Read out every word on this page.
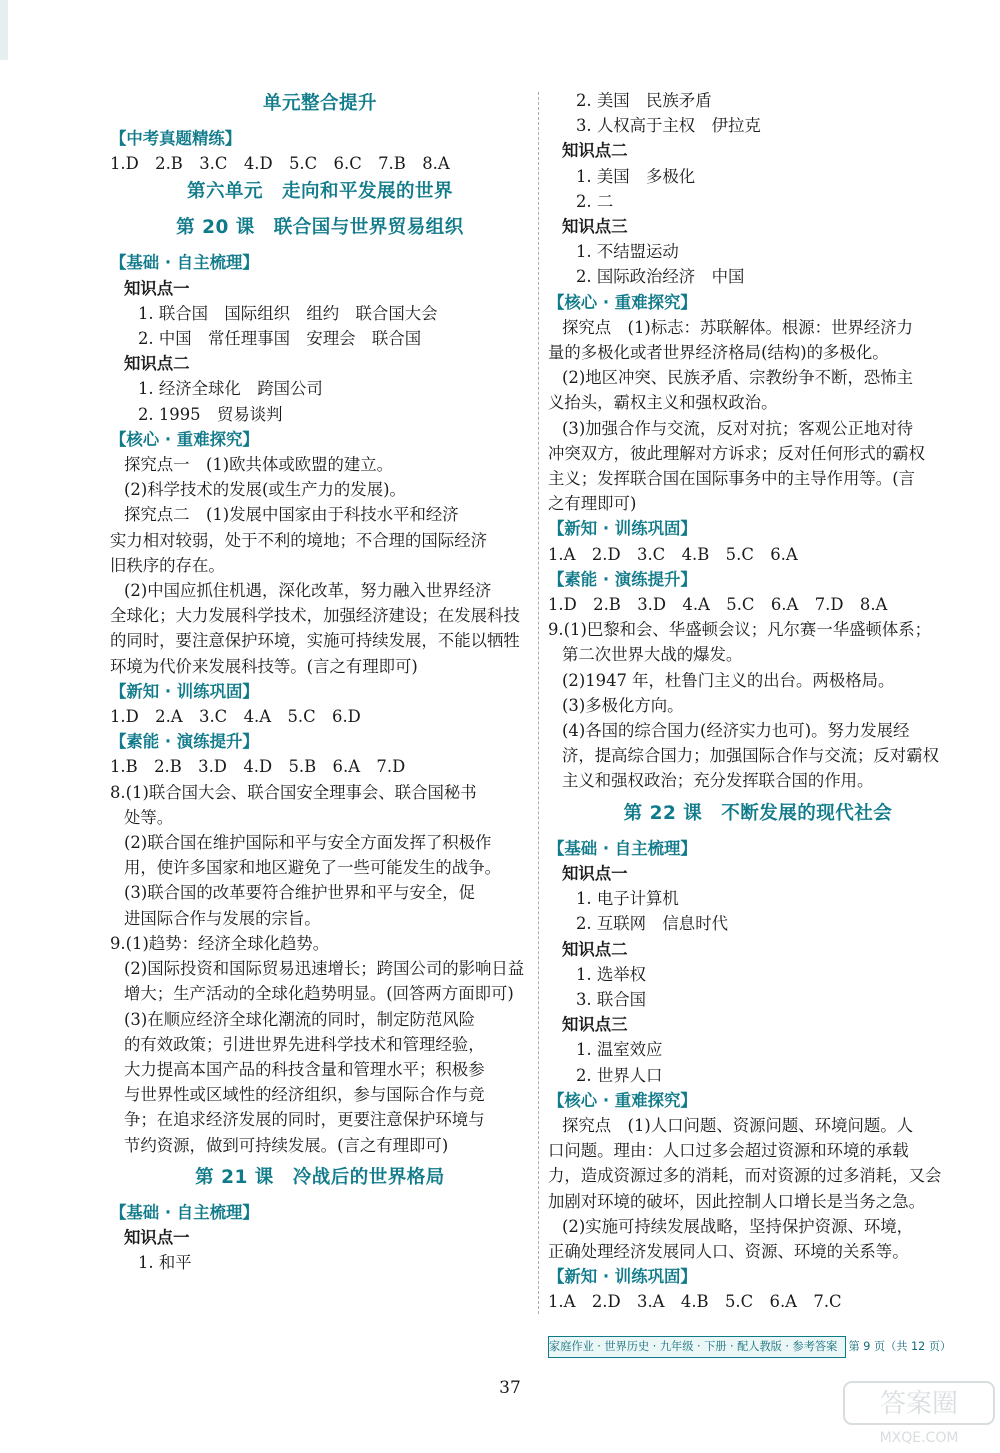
单元整合提升
【中考真题精练】
1.D　2.B　3.C　4.D　5.C　6.C　7.B　8.A
第六单元　走向和平发展的世界
第 20 课　联合国与世界贸易组织
【基础 · 自主梳理】
知识点一
1. 联合国　国际组织　组约　联合国大会
2. 中国　常任理事国　安理会　联合国
知识点二
1. 经济全球化　跨国公司
2. 1995　贸易谈判
【核心 · 重难探究】
探究点一　(1)欧共体或欧盟的建立。
(2)科学技术的发展(或生产力的发展)。
探究点二　(1)发展中国家由于科技水平和经济
实力相对较弱，处于不利的境地；不合理的国际经济
旧秩序的存在。
(2)中国应抓住机遇，深化改革，努力融入世界经济
全球化；大力发展科学技术，加强经济建设；在发展科技
的同时，要注意保护环境，实施可持续发展，不能以牺牲
环境为代价来发展科技等。(言之有理即可)
【新知 · 训练巩固】
1.D　2.A　3.C　4.A　5.C　6.D
【素能 · 演练提升】
1.B　2.B　3.D　4.D　5.B　6.A　7.D
8.(1)联合国大会、联合国安全理事会、联合国秘书
处等。
(2)联合国在维护国际和平与安全方面发挥了积极作
用，使许多国家和地区避免了一些可能发生的战争。
(3)联合国的改革要符合维护世界和平与安全，促
进国际合作与发展的宗旨。
9.(1)趋势：经济全球化趋势。
(2)国际投资和国际贸易迅速增长；跨国公司的影响日益
增大；生产活动的全球化趋势明显。(回答两方面即可)
(3)在顺应经济全球化潮流的同时，制定防范风险
的有效政策；引进世界先进科学技术和管理经验，
大力提高本国产品的科技含量和管理水平；积极参
与世界性或区域性的经济组织，参与国际合作与竞
争；在追求经济发展的同时，更要注意保护环境与
节约资源，做到可持续发展。(言之有理即可)
第 21 课　冷战后的世界格局
【基础 · 自主梳理】
知识点一
1. 和平
2. 美国　民族矛盾
3. 人权高于主权　伊拉克
知识点二
1. 美国　多极化
2. 二
知识点三
1. 不结盟运动
2. 国际政治经济　中国
【核心 · 重难探究】
探究点　(1)标志：苏联解体。根源：世界经济力
量的多极化或者世界经济格局(结构)的多极化。
(2)地区冲突、民族矛盾、宗教纷争不断，恐怖主
义抬头，霸权主义和强权政治。
(3)加强合作与交流，反对对抗；客观公正地对待
冲突双方，彼此理解对方诉求；反对任何形式的霸权
主义；发挥联合国在国际事务中的主导作用等。(言
之有理即可)
【新知 · 训练巩固】
1.A　2.D　3.C　4.B　5.C　6.A
【素能 · 演练提升】
1.D　2.B　3.D　4.A　5.C　6.A　7.D　8.A
9.(1)巴黎和会、华盛顿会议；凡尔赛一华盛顿体系；
第二次世界大战的爆发。
(2)1947 年，杜鲁门主义的出台。两极格局。
(3)多极化方向。
(4)各国的综合国力(经济实力也可)。努力发展经
济，提高综合国力；加强国际合作与交流；反对霸权
主义和强权政治；充分发挥联合国的作用。
第 22 课　不断发展的现代社会
【基础 · 自主梳理】
知识点一
1. 电子计算机
2. 互联网　信息时代
知识点二
1. 选举权
3. 联合国
知识点三
1. 温室效应
2. 世界人口
【核心 · 重难探究】
探究点　(1)人口问题、资源问题、环境问题。人
口问题。理由：人口过多会超过资源和环境的承载
力，造成资源过多的消耗，而对资源的过多消耗，又会
加剧对环境的破坏，因此控制人口增长是当务之急。
(2)实施可持续发展战略，坚持保护资源、环境，
正确处理经济发展同人口、资源、环境的关系等。
【新知 · 训练巩固】
1.A　2.D　3.A　4.B　5.C　6.A　7.C
家庭作业 · 世界历史 · 九年级 · 下册 · 配人教版 · 参考答案　第 9 页（共 12 页）
37
答案圈
MXQE.COM
